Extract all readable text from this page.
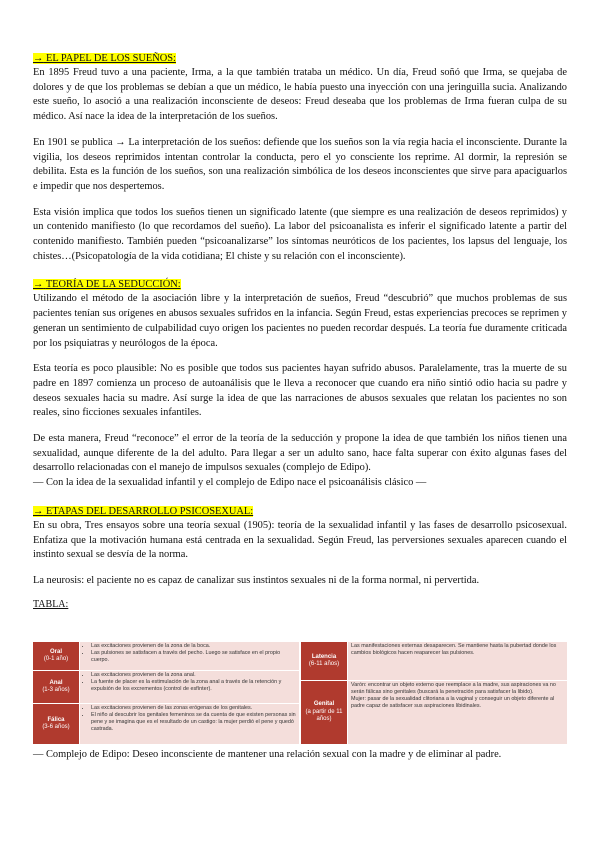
→ EL PAPEL DE LOS SUEÑOS:

En 1895 Freud tuvo a una paciente, Irma, a la que también trataba un médico. Un día, Freud soñó que Irma, se quejaba de dolores y de que los problemas se debían a que un médico, le había puesto una inyección con una jeringuilla sucia. Analizando este sueño, lo asoció a una realización inconsciente de deseos: Freud deseaba que los problemas de Irma fueran culpa de su médico. Así nace la idea de la interpretación de los sueños.

En 1901 se publica → La interpretación de los sueños: defiende que los sueños son la vía regia hacia el inconsciente. Durante la vigilia, los deseos reprimidos intentan controlar la conducta, pero el yo consciente los reprime. Al dormir, la represión se debilita. Esta es la función de los sueños, son una realización simbólica de los deseos inconscientes que sirve para apaciguarlos e impedir que nos despertemos.

Esta visión implica que todos los sueños tienen un significado latente (que siempre es una realización de deseos reprimidos) y un contenido manifiesto (lo que recordamos del sueño). La labor del psicoanalista es inferir el significado latente a partir del contenido manifiesto. También pueden “psicoanalizarse” los síntomas neuróticos de los pacientes, los lapsus del lenguaje, los chistes…(Psicopatología de la vida cotidiana; El chiste y su relación con el inconsciente).

→ TEORÍA DE LA SEDUCCIÓN:

Utilizando el método de la asociación libre y la interpretación de sueños, Freud “descubrió” que muchos problemas de sus pacientes tenían sus orígenes en abusos sexuales sufridos en la infancia. Según Freud, estas experiencias precoces se reprimen y generan un sentimiento de culpabilidad cuyo origen los pacientes no pueden recordar después. La teoría fue duramente criticada por los psiquiatras y neurólogos de la época.

Esta teoría es poco plausible: No es posible que todos sus pacientes hayan sufrido abusos. Paralelamente, tras la muerte de su padre en 1897 comienza un proceso de autoanálisis que le lleva a reconocer que cuando era niño sintió odio hacia su padre y deseos sexuales hacia su madre. Así surge la idea de que las narraciones de abusos sexuales que relatan los pacientes no son reales, sino ficciones sexuales infantiles.

De esta manera, Freud “reconoce” el error de la teoría de la seducción y propone la idea de que también los niños tienen una sexualidad, aunque diferente de la del adulto. Para llegar a ser un adulto sano, hace falta superar con éxito algunas fases del desarrollo relacionadas con el manejo de impulsos sexuales (complejo de Edipo).

— Con la idea de la sexualidad infantil y el complejo de Edipo nace el psicoanálisis clásico —

→ ETAPAS DEL DESARROLLO PSICOSEXUAL:

En su obra, Tres ensayos sobre una teoría sexual (1905): teoría de la sexualidad infantil y las fases de desarrollo psicosexual. Enfatiza que la motivación humana está centrada en la sexualidad. Según Freud, las perversiones sexuales aparecen cuando el instinto sexual se desvía de la norma.

La neurosis: el paciente no es capaz de canalizar sus instintos sexuales ni de la forma normal, ni pervertida.

TABLA:
Oral
(0-1 año)
• Las excitaciones provienen de la zona de la boca.
• Las pulsiones se satisfacen a través del pecho. Luego se satisface en el propio cuerpo.
Anal
(1-3 años)
• Las excitaciones provienen de la zona anal.
• La fuente de placer es la estimulación de la zona anal a través de la retención y expulsión de los excrementos (control de esfínter).
Fálica
(3-6 años)
• Las excitaciones provienen de las zonas erógenas de los genitales.
• El niño al descubrir los genitales femeninos se da cuenta de que existen personas sin pene y se imagina que es el resultado de un castigo: la mujer perdió el pene y quedó castrada.
Latencia
(6-11 años)
Las manifestaciones externas desaparecen. Se mantiene hasta la pubertad donde los cambios biológicos hacen reaparecer las pulsiones.
Genital
(a partir de 11 años)
Varón: encontrar un objeto externo que reemplace a la madre, sus aspiraciones va no serán fálicas sino genitales (buscará la penetración para satisfacer la libido).
Mujer: pasar de la sexualidad clitoriana a la vaginal y conseguir un objeto diferente al padre capaz de satisfacer sus aspiraciones libidinales.
— Complejo de Edipo: Deseo inconsciente de mantener una relación sexual con la madre y de eliminar al padre.
